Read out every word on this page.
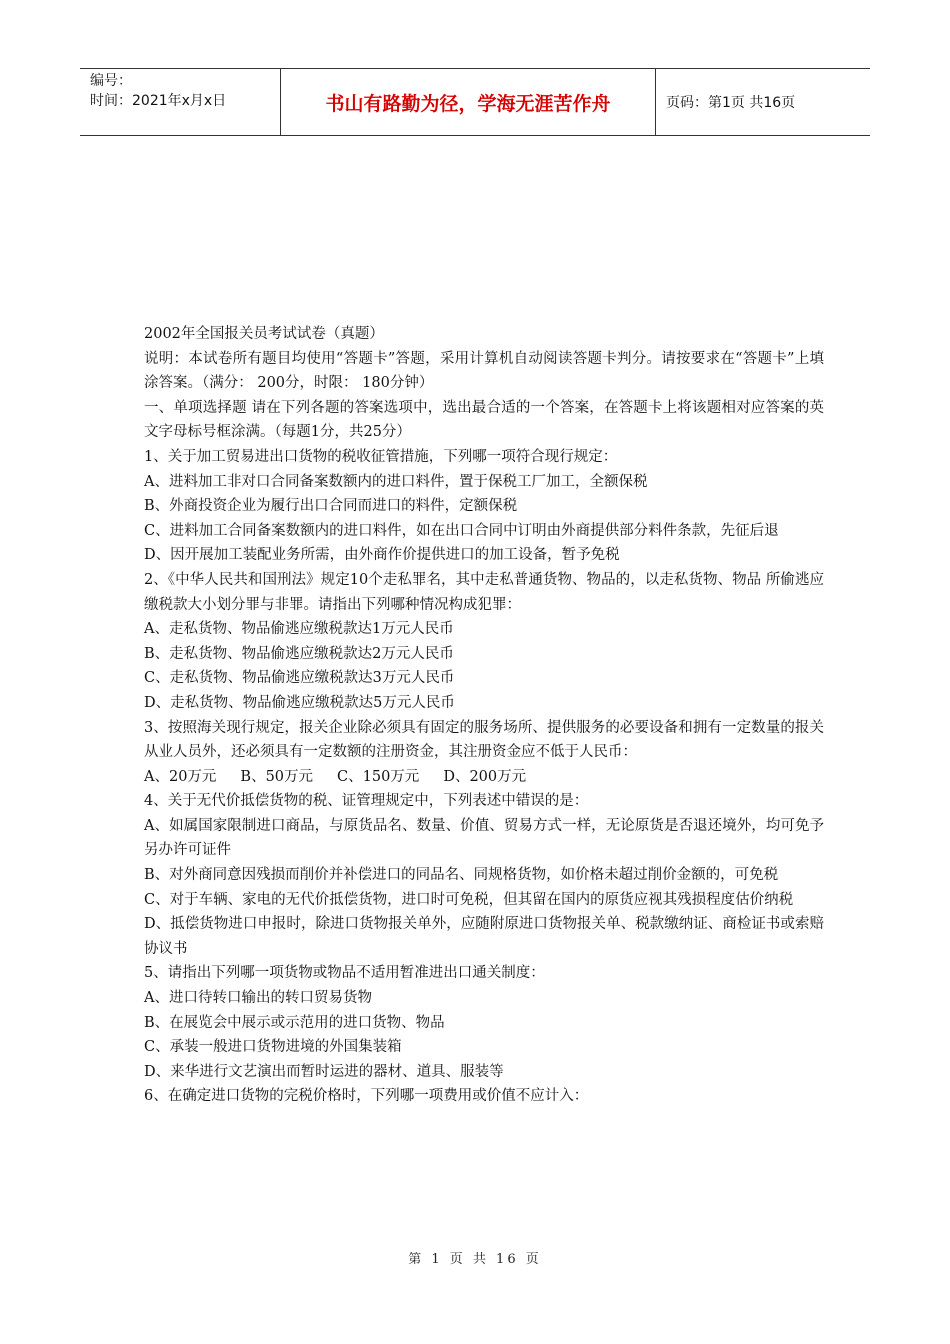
编号：
时间：2021年x月x日	书山有路勤为径，学海无涯苦作舟	页码：第1页 共16页

2002年全国报关员考试试卷（真题）

说明：本试卷所有题目均使用“答题卡”答题，采用计算机自动阅读答题卡判分。请按要求在“答题卡”上填涂答案。（满分： 200分，时限： 180分钟）

一、单项选择题 请在下列各题的答案选项中，选出最合适的一个答案，在答题卡上将该题相对应答案的英文字母标号框涂满。（每题1分，共25分）

1、关于加工贸易进出口货物的税收征管措施，下列哪一项符合现行规定：

A、进料加工非对口合同备案数额内的进口料件，置于保税工厂加工，全额保税

B、外商投资企业为履行出口合同而进口的料件，定额保税

C、进料加工合同备案数额内的进口料件，如在出口合同中订明由外商提供部分料件条款，先征后退

D、因开展加工装配业务所需，由外商作价提供进口的加工设备，暂予免税

2、《中华人民共和国刑法》规定10个走私罪名，其中走私普通货物、物品的，以走私货物、物品 所偷逃应缴税款大小划分罪与非罪。请指出下列哪种情况构成犯罪：

A、走私货物、物品偷逃应缴税款达1万元人民币

B、走私货物、物品偷逃应缴税款达2万元人民币

C、走私货物、物品偷逃应缴税款达3万元人民币

D、走私货物、物品偷逃应缴税款达5万元人民币

3、按照海关现行规定，报关企业除必须具有固定的服务场所、提供服务的必要设备和拥有一定数量的报关从业人员外，还必须具有一定数额的注册资金，其注册资金应不低于人民币：

A、20万元 B、50万元 C、150万元 D、200万元

4、关于无代价抵偿货物的税、证管理规定中，下列表述中错误的是：

A、如属国家限制进口商品，与原货品名、数量、价值、贸易方式一样，无论原货是否退还境外，均可免予另办许可证件

B、对外商同意因残损而削价并补偿进口的同品名、同规格货物，如价格未超过削价金额的，可免税

C、对于车辆、家电的无代价抵偿货物，进口时可免税，但其留在国内的原货应视其残损程度估价纳税

D、抵偿货物进口申报时，除进口货物报关单外，应随附原进口货物报关单、税款缴纳证、商检证书或索赔协议书

5、请指出下列哪一项货物或物品不适用暂准进出口通关制度：

A、进口待转口输出的转口贸易货物

B、在展览会中展示或示范用的进口货物、物品

C、承装一般进口货物进境的外国集装箱

D、来华进行文艺演出而暂时运进的器材、道具、服装等

6、在确定进口货物的完税价格时，下列哪一项费用或价值不应计入：

第 1 页 共 16 页
